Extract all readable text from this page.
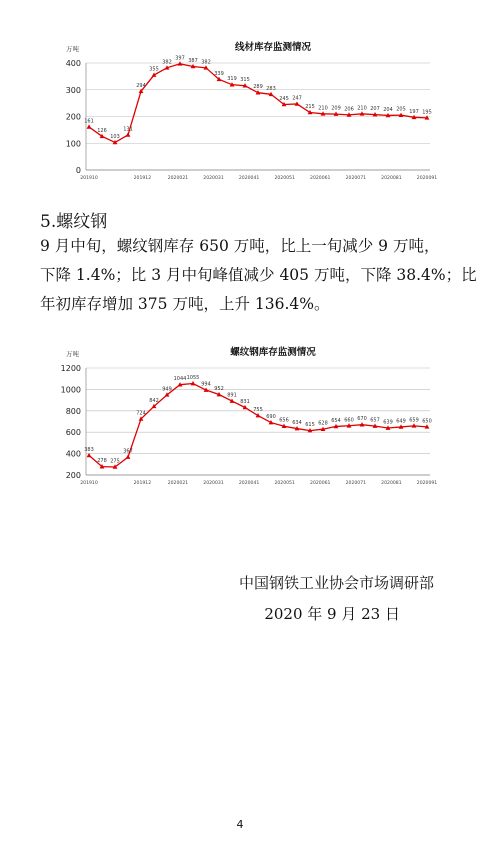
线材库存监测情况
万吨
0
100
200
300
400
201910	201912	2020021	2020031	2020041	2020051	2020061	2020071	2020081	2020091
161
126
103
131
294
355
382
397 387 382
339
319 315
289 283
245 247
215 210 209 206 210 207 204 205 197 195
5.螺纹钢

9 月中旬，螺纹钢库存 650 万吨，比上一旬减少 9 万吨，
下降 1.4%；比 3 月中旬峰值减少 405 万吨，下降 38.4%；比
年初库存增加 375 万吨，上升 136.4%。

螺纹钢库存监测情况
万吨
200
400
600
800
1000
1200
201910	201912	2020021	2020031	2020041	2020051	2020061	2020071	2020081	2020091
383
278 275
367
724
842
949
1044 1055
994
952
891
831
755
690
656 634 615 628 654 660 670 657 639 649 659 650
中国钢铁工业协会市场调研部
2020 年 9 月 23 日
4
